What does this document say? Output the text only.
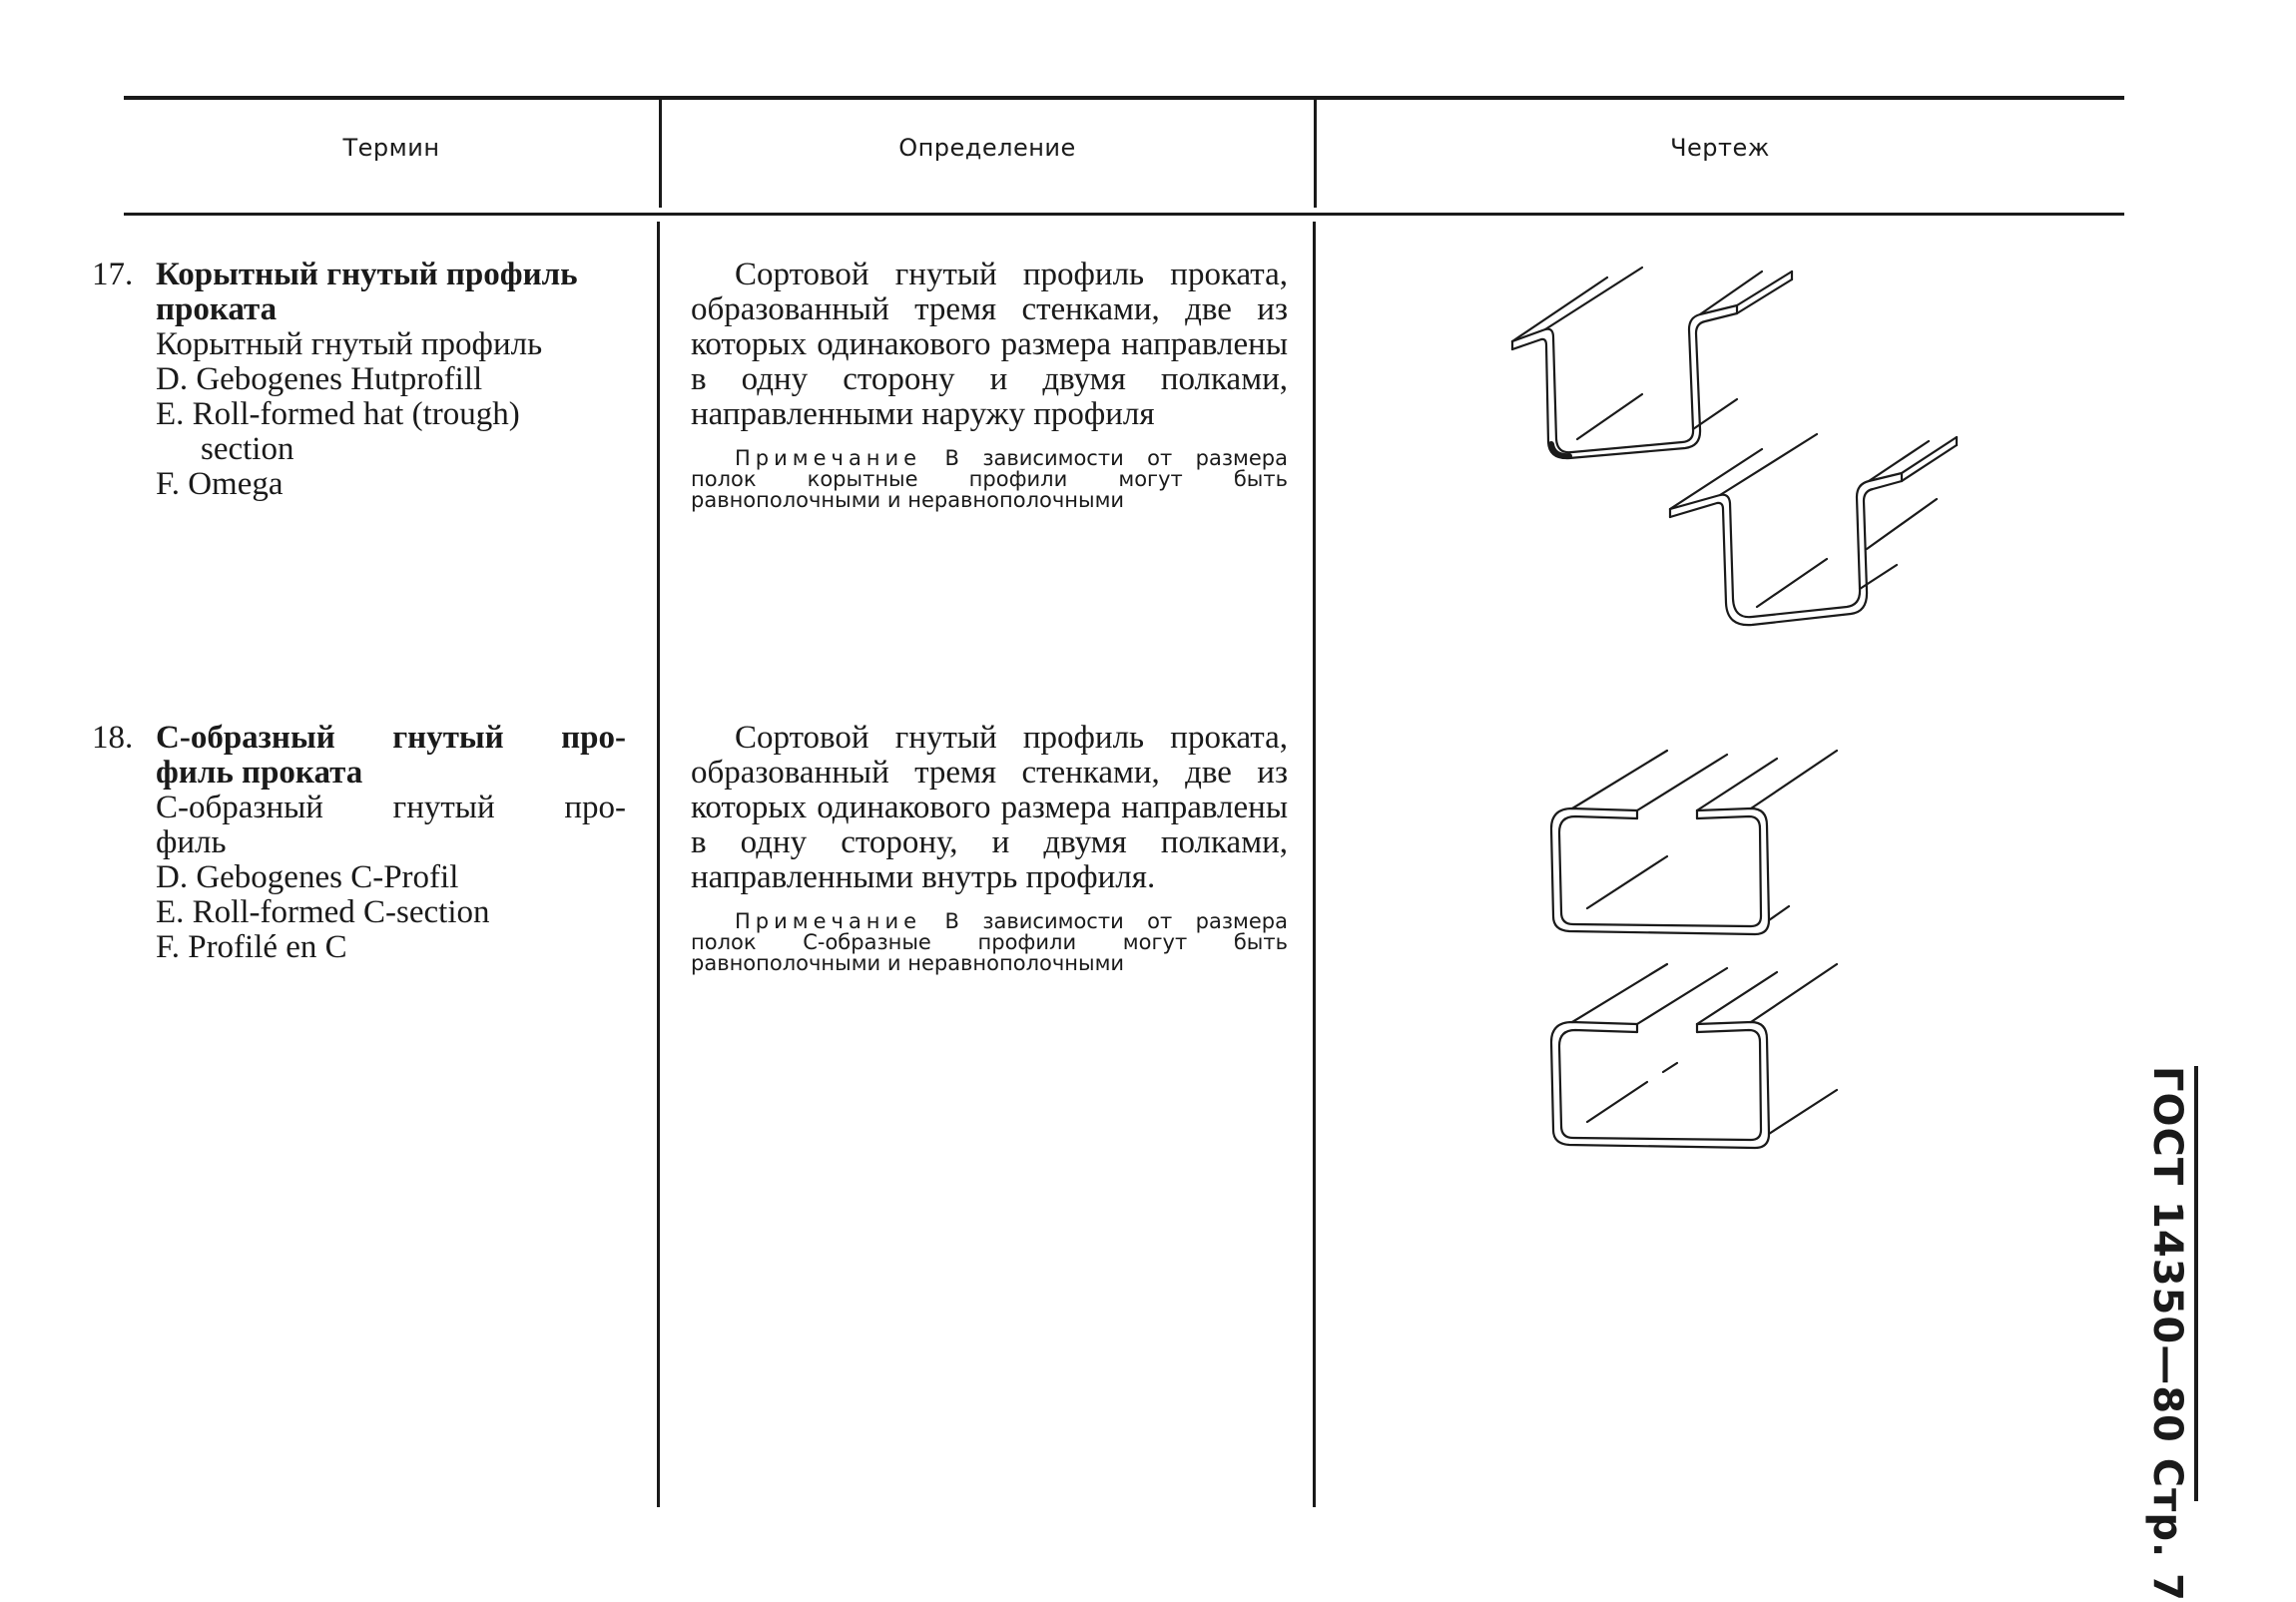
Термин	Определение	Чертеж
17. Корытный гнутый профиль
проката
Корытный гнутый профиль
D. Gebogenes Hutprofill
E. Roll-formed hat (trough)
section
F. Omega
Сортовой гнутый профиль проката, образованный тремя стенками, две из которых одинакового размера направлены в одну сторону и двумя полками, направленными наружу профиля
Примечание В зависимости от размера полок корытные профили могут быть равнополочными и неравнополочными
18. С-образный гнутый про-
филь проката
С-образный гнутый про-
филь
D. Gebogenes C-Profil
E. Roll-formed C-section
F. Profilé en C
Сортовой гнутый профиль проката, образованный тремя стенками, две из которых одинакового размера направлены в одну сторону, и двумя полками, направленными внутрь профиля.
Примечание В зависимости от размера полок С-образные профили могут быть равнополочными и неравнополочными
ГОСТ 14350—80 Стр. 7
